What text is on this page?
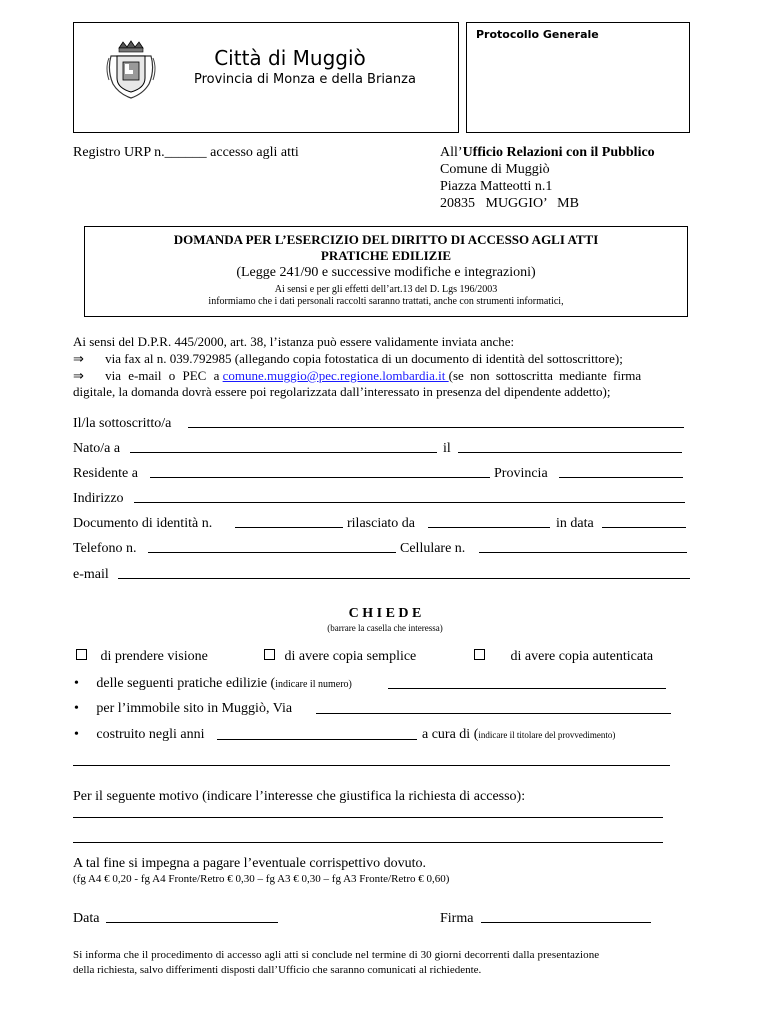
Città di Muggiò
Provincia di Monza e della Brianza
Protocollo Generale
Registro URP n.______ accesso agli atti	All’Ufficio Relazioni con il Pubblico
Comune di Muggiò
Piazza Matteotti n.1
20835   MUGGIO’   MB
DOMANDA PER L’ESERCIZIO DEL DIRITTO DI ACCESSO AGLI ATTI
PRATICHE EDILIZIE
(Legge 241/90 e successive modifiche e integrazioni)
Ai sensi e per gli effetti dell’art.13 del D. Lgs 196/2003
informiamo che i dati personali raccolti saranno trattati, anche con strumenti informatici,
Ai sensi del D.P.R. 445/2000, art. 38, l’istanza può essere validamente inviata anche:
⇒ via fax al n. 039.792985 (allegando copia fotostatica di un documento di identità del sottoscrittore);
⇒ via e-mail o PEC a comune.muggio@pec.regione.lombardia.it (se non sottoscritta mediante firma
digitale, la domanda dovrà essere poi regolarizzata dall’interessato in presenza del dipendente addetto);
Il/la sottoscritto/a
Nato/a a	il
Residente a	Provincia
Indirizzo
Documento di identità n.	rilasciato da	in data
Telefono n.	Cellulare n.
e-mail
C H I E D E
(barrare la casella che interessa)
di prendere visione	di avere copia semplice	di avere copia autenticata
• delle seguenti pratiche edilizie (indicare il numero)
• per l’immobile sito in Muggiò, Via
• costruito negli anni	a cura di (indicare il titolare del provvedimento)
Per il seguente motivo (indicare l’interesse che giustifica la richiesta di accesso):
A tal fine si impegna a pagare l’eventuale corrispettivo dovuto.
(fg A4 € 0,20 - fg A4 Fronte/Retro € 0,30 – fg A3 € 0,30 – fg A3 Fronte/Retro € 0,60)
Data	Firma
Si informa che il procedimento di accesso agli atti si conclude nel termine di 30 giorni decorrenti dalla presentazione
della richiesta, salvo differimenti disposti dall’Ufficio che saranno comunicati al richiedente.
